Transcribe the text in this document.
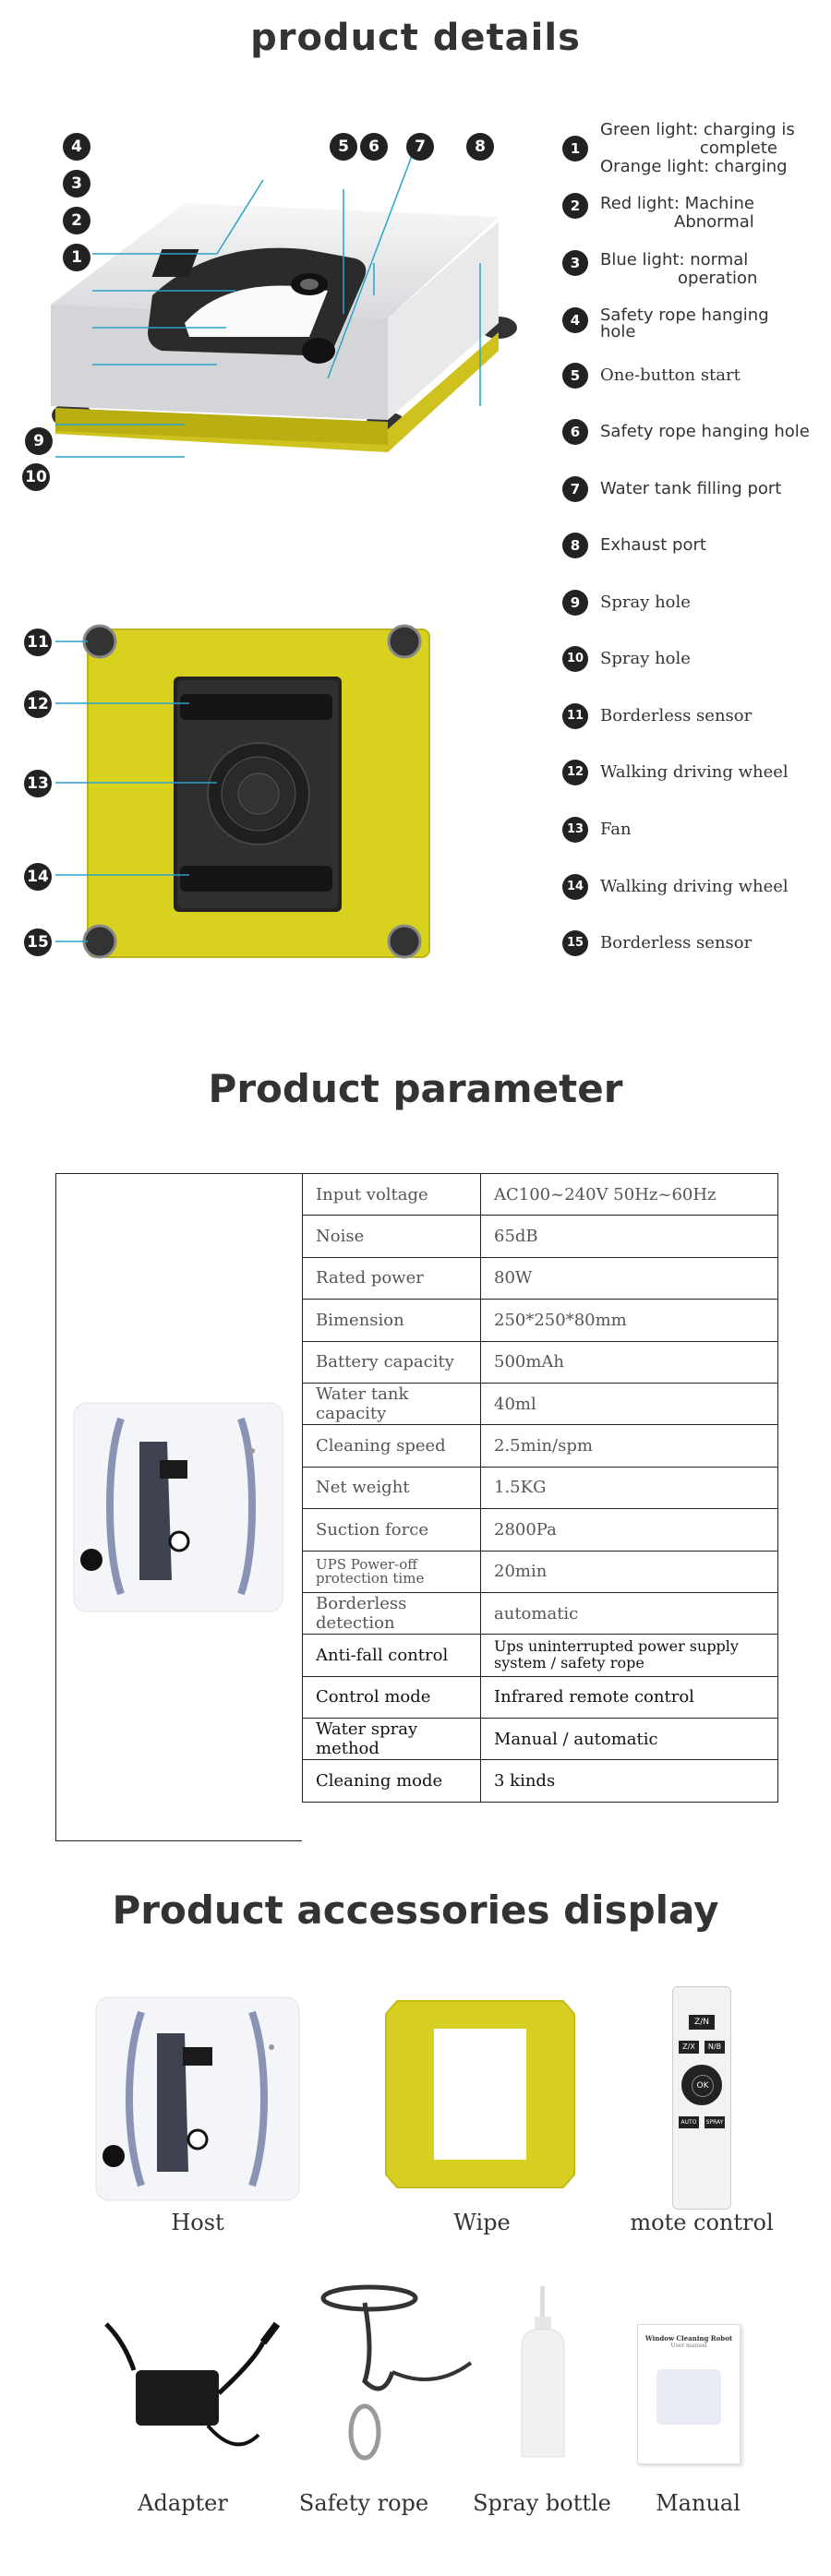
product details
4
3
2
1
5	6	7	8
9
10
11
12
13
14
15
1
Green light: charging is
complete
Orange light: charging
2	Red light: Machine
Abnormal
3	Blue light: normal
operation
4	Safety rope hanging
hole
5	One-button start
6	Safety rope hanging hole
7	Water tank filling port
8	Exhaust port
9	Spray hole
10 Spray hole
11 Borderless sensor
12 Walking driving wheel
13 Fan
14 Walking driving wheel
15 Borderless sensor
Product parameter
Input voltage	AC100~240V 50Hz~60Hz
Noise	65dB
Rated power	80W
Bimension	250*250*80mm
Battery capacity	500mAh
Water tank capacity	40ml
Cleaning speed	2.5min/spm
Net weight	1.5KG
Suction force	2800Pa
UPS Power-off protection time	20min
Borderless detection	automatic
Anti-fall control	Ups uninterrupted power supply system / safety rope
Control mode	Infrared remote control
Water spray method	Manual / automatic
Cleaning mode	3 kinds
Product accessories display
Host	Wipe
Z/N
Z/X	N/B
OK
AUTO	SPRAY
mote control
Adapter	Safety rope	Spray bottle
Window Cleaning Robot
User manual
Manual
